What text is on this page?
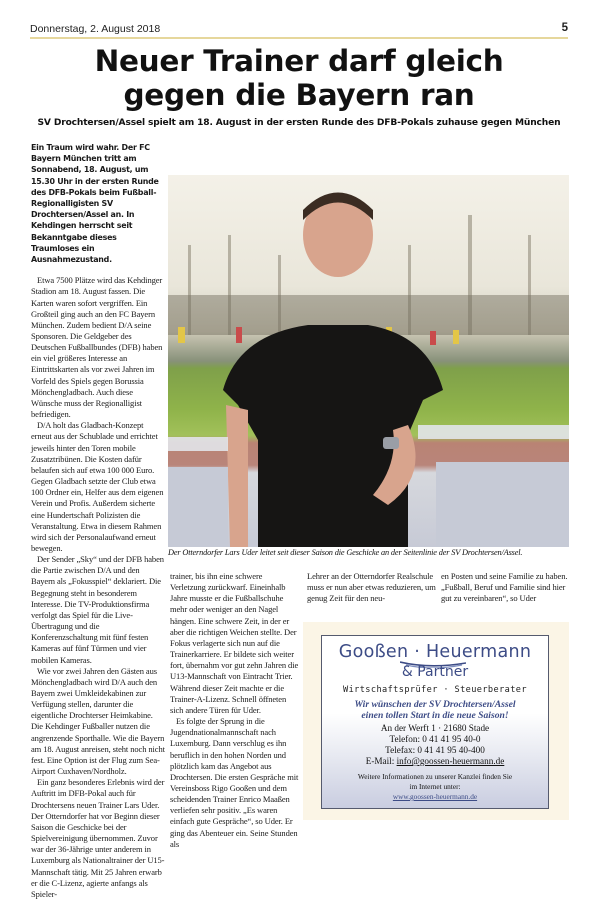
Donnerstag, 2. August 2018	5
Neuer Trainer darf gleich
gegen die Bayern ran
SV Drochtersen/Assel spielt am 18. August in der ersten Runde des DFB-Pokals zuhause gegen München

Ein Traum wird wahr. Der FC Bayern München tritt am Sonnabend, 18. August, um 15.30 Uhr in der ersten Runde des DFB-Pokals beim Fußball-Regionalligisten SV Drochtersen/Assel an. In Kehdingen herrscht seit Bekanntgabe dieses Traumloses ein Ausnahmezustand.

Etwa 7500 Plätze wird das Kehdinger Stadion am 18. August fassen. Die Karten waren sofort vergriffen. Ein Großteil ging auch an den FC Bayern München. Zudem bedient D/A seine Sponsoren. Die Geldgeber des Deutschen Fußballbundes (DFB) haben ein viel größeres Interesse an Eintrittskarten als vor zwei Jahren im Vorfeld des Spiels gegen Borussia Mönchengladbach. Auch diese Wünsche muss der Regionalligist befriedigen.

D/A holt das Gladbach-Konzept erneut aus der Schublade und errichtet jeweils hinter den Toren mobile Zusatztribünen. Die Kosten dafür belaufen sich auf etwa 100 000 Euro. Gegen Gladbach setzte der Club etwa 100 Ordner ein, Helfer aus dem eigenen Verein und Profis. Außerdem sicherte eine Hundertschaft Polizisten die Veranstaltung. Etwa in diesem Rahmen wird sich der Personalaufwand erneut bewegen.

Der Sender „Sky“ und der DFB haben die Partie zwischen D/A und den Bayern als „Fokusspiel“ deklariert. Die Begegnung steht in besonderem Interesse. Die TV-Produktionsfirma verfolgt das Spiel für die Live-Übertragung und die Konferenzschaltung mit fünf festen Kameras auf fünf Türmen und vier mobilen Kameras.

Wie vor zwei Jahren den Gästen aus Mönchengladbach wird D/A auch den Bayern zwei Umkleidekabinen zur Verfügung stellen, darunter die eigentliche Drochterser Heimkabine. Die Kehdinger Fußballer nutzen die angrenzende Sporthalle. Wie die Bayern am 18. August anreisen, steht noch nicht fest. Eine Option ist der Flug zum Sea-Airport Cuxhaven/Nordholz.

Ein ganz besonderes Erlebnis wird der Auftritt im DFB-Pokal auch für Drochtersens neuen Trainer Lars Uder. Der Otterndorfer hat vor Beginn dieser Saison die Geschicke bei der Spielvereinigung übernommen. Zuvor war der 36-Jährige unter anderem in Luxemburg als Nationaltrainer der U15-Mannschaft tätig. Mit 25 Jahren erwarb er die C-Lizenz, agierte anfangs als Spieler-

Der Otterndorfer Lars Uder leitet seit dieser Saison die Geschicke an der Seitenlinie der SV Drochtersen/Assel.

trainer, bis ihn eine schwere Verletzung zurückwarf. Eineinhalb Jahre musste er die Fußballschuhe mehr oder weniger an den Nagel hängen. Eine schwere Zeit, in der er aber die richtigen Weichen stellte. Der Fokus verlagerte sich nun auf die Trainerkarriere. Er bildete sich weiter fort, übernahm vor gut zehn Jahren die U13-Mannschaft von Eintracht Trier. Während dieser Zeit machte er die Trainer-A-Lizenz. Schnell öffneten sich andere Türen für Uder.

Es folgte der Sprung in die Jugendnationalmannschaft nach Luxemburg. Dann verschlug es ihn beruflich in den hohen Norden und plötzlich kam das Angebot aus Drochtersen. Die ersten Gespräche mit Vereinsboss Rigo Gooßen und dem scheidenden Trainer Enrico Maaßen verliefen sehr positiv. „Es waren einfach gute Gespräche“, so Uder. Er ging das Abenteuer ein. Seine Stunden als

Lehrer an der Otterndorfer Realschule muss er nun aber etwas reduzieren, um genug Zeit für den neu-

en Posten und seine Familie zu haben. „Fußball, Beruf und Familie sind hier gut zu vereinbaren“, so Uder

Gooßen · Heuermann
& Partner
Wirtschaftsprüfer · Steuerberater
Wir wünschen der SV Drochtersen/Assel
einen tollen Start in die neue Saison!
An der Werft 1 · 21680 Stade
Telefon: 0 41 41 95 40-0
Telefax: 0 41 41 95 40-400
E-Mail: info@goossen-heuermann.de
Weitere Informationen zu unserer Kanzlei finden Sie
im Internet unter:
www.goossen-heuermann.de
